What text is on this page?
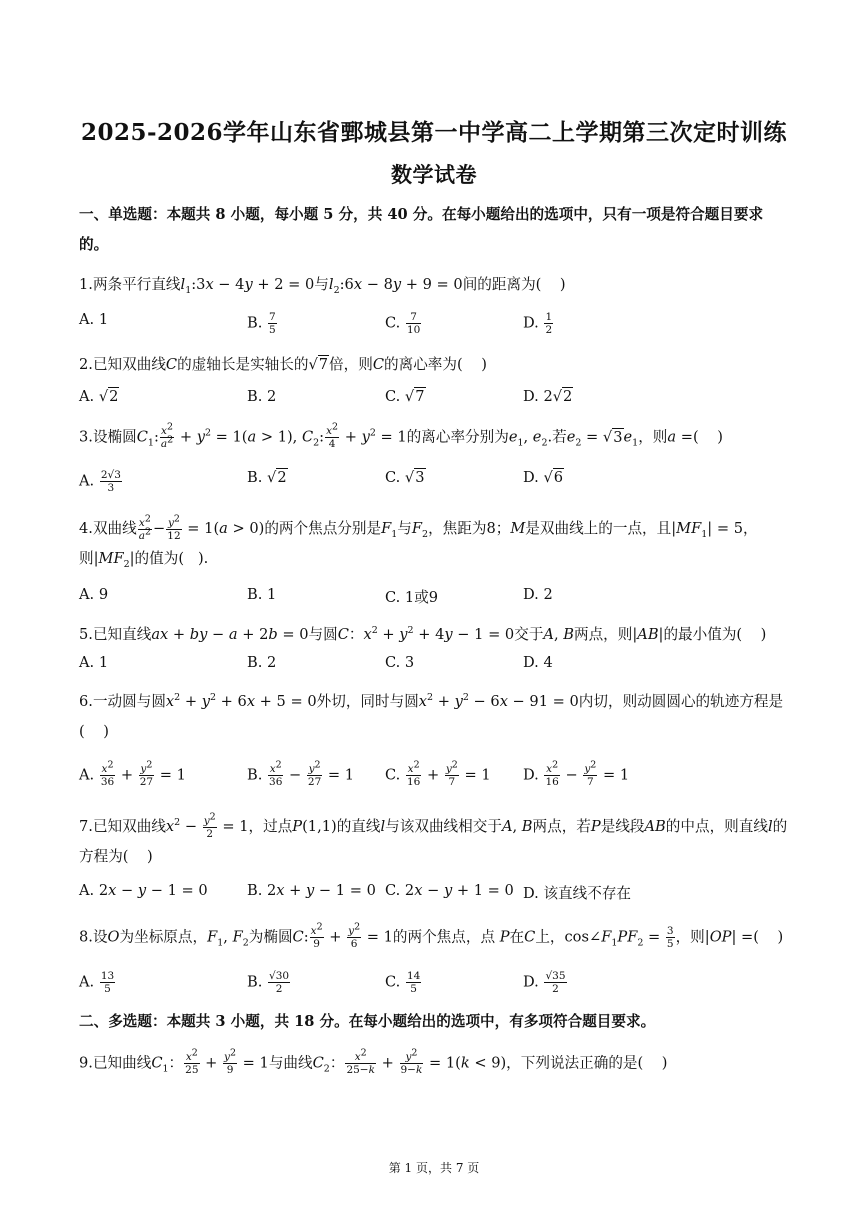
2025-2026学年山东省鄄城县第一中学高二上学期第三次定时训练
数学试卷
一、单选题：本题共 8 小题，每小题 5 分，共 40 分。在每小题给出的选项中，只有一项是符合题目要求的。
1.两条平行直线$l_1:3x - 4y + 2 = 0$与$l_2:6x - 8y + 9 = 0$间的距离为(    )
A. 1	B. $\frac{7}{5}$	C. $\frac{7}{10}$	D. $\frac{1}{2}$
2.已知双曲线C的虚轴长是实轴长的√7倍，则C的离心率为(    )
A. √2	B. 2	C. √7	D. 2√2
3.设椭圆$C_1$: $\frac{x^2}{a^2} + y^2 = 1(a > 1)$, $C_2$: $\frac{x^2}{4} + y^2 = 1$的离心率分别为$e_1$, $e_2$.若$e_2 = √3e_1$，则a =(    )
A. $\frac{2√3}{3}$	B. √2	C. √3	D. √6
4.双曲线 $\frac{x^2}{a^2} - \frac{y^2}{12} = 1(a > 0)$的两个焦点分别是$F_1$与$F_2$，焦距为8；M是双曲线上的一点，且$|MF_1| = 5$，则$|MF_2|$的值为(   ).
A. 9	B. 1	C. 1或9	D. 2
5.已知直线ax + by − a + 2b = 0与圆C：$x^2 + y^2 + 4y - 1 = 0$交于A, B两点，则|AB|的最小值为(    )
A. 1	B. 2	C. 3	D. 4
6.一动圆与圆$x^2 + y^2 + 6x + 5 = 0$外切，同时与圆$x^2 + y^2 - 6x - 91 = 0$内切，则动圆圆心的轨迹方程是(    )
A. $\frac{x^2}{36} + \frac{y^2}{27} = 1$	B. $\frac{x^2}{36} - \frac{y^2}{27} = 1$ C. $\frac{x^2}{16} + \frac{y^2}{7} = 1$ D. $\frac{x^2}{16} - \frac{y^2}{7} = 1$
7.已知双曲线$x^2 - \frac{y^2}{2} = 1$，过点P(1,1)的直线l与该双曲线相交于A, B两点，若P是线段AB的中点，则直线l的方程为(    )
A. 2x − y − 1 = 0	B. 2x + y − 1 = 0 C. 2x − y + 1 = 0 D. 该直线不存在
8.设O为坐标原点，$F_1$, $F_2$为椭圆C: $\frac{x^2}{9} + \frac{y^2}{6} = 1$的两个焦点，点 P在C上，$\cos\angle F_1PF_2 = \frac{3}{5}$ ，则|OP| =(    )
A. $\frac{13}{5}$	B. $\frac{√30}{2}$	C. $\frac{14}{5}$	D. $\frac{√35}{2}$
二、多选题：本题共 3 小题，共 18 分。在每小题给出的选项中，有多项符合题目要求。
9.已知曲线$C_1$： $\frac{x^2}{25} + \frac{y^2}{9} = 1$与曲线$C_2$： $\frac{x^2}{25-k} + \frac{y^2}{9-k} = 1(k < 9)$，下列说法正确的是(    )
第 1 页，共 7 页
